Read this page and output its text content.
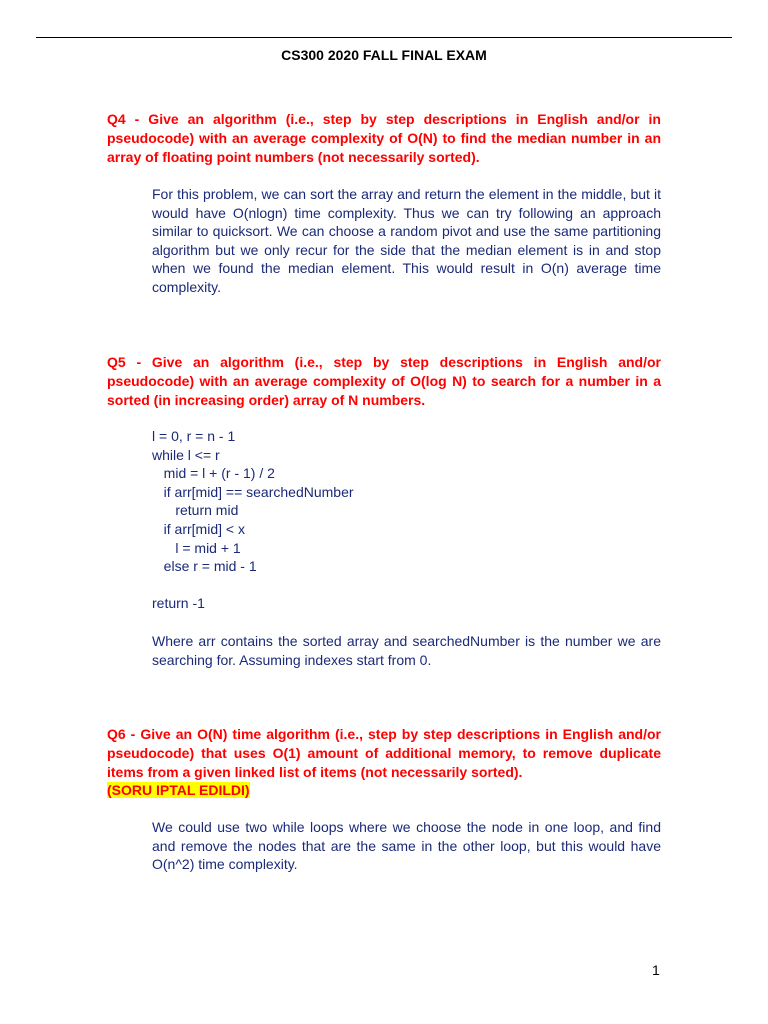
CS300 2020 FALL FINAL EXAM
Q4 - Give an algorithm (i.e., step by step descriptions in English and/or in pseudocode) with an average complexity of O(N) to find the median number in an array of floating point numbers (not necessarily sorted).
For this problem, we can sort the array and return the element in the middle, but it would have O(nlogn) time complexity. Thus we can try following an approach similar to quicksort. We can choose a random pivot and use the same partitioning algorithm but we only recur for the side that the median element is in and stop when we found the median element. This would result in O(n) average time complexity.
Q5 - Give an algorithm (i.e., step by step descriptions in English and/or pseudocode) with an average complexity of O(log N) to search for a number in a sorted (in increasing order) array of N numbers.
l = 0, r = n - 1
while l <= r
mid = l + (r - 1) / 2
if arr[mid] == searchedNumber
return mid
if arr[mid] < x
l = mid + 1
else r = mid - 1

return -1
Where arr contains the sorted array and searchedNumber is the number we are searching for. Assuming indexes start from 0.
Q6 - Give an O(N) time algorithm (i.e., step by step descriptions in English and/or pseudocode) that uses O(1) amount of additional memory, to remove duplicate items from a given linked list of items (not necessarily sorted).
(SORU IPTAL EDILDI)
We could use two while loops where we choose the node in one loop, and find and remove the nodes that are the same in the other loop, but this would have O(n^2) time complexity.
1
